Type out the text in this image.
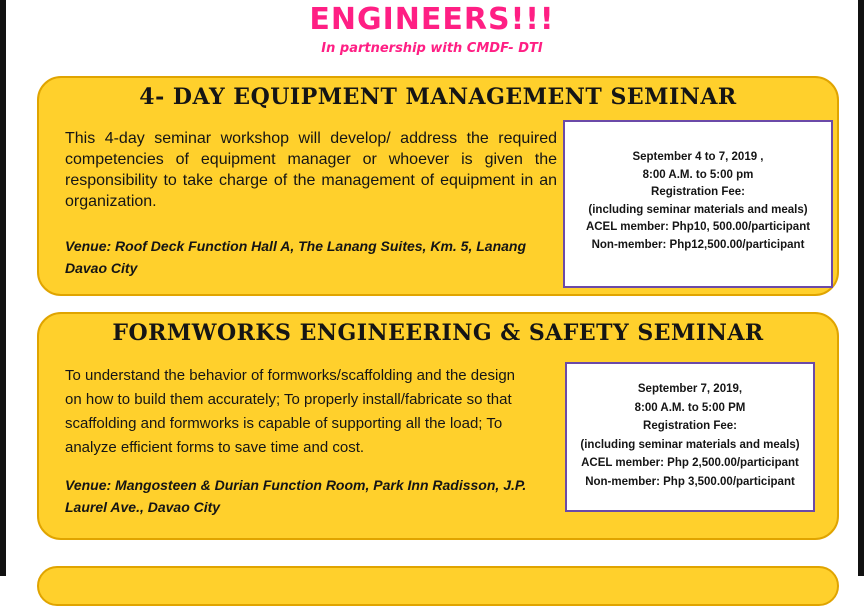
ENGINEERS!!!
In partnership with CMDF- DTI
4- DAY EQUIPMENT MANAGEMENT SEMINAR
This 4-day seminar workshop will develop/ address the required competencies of equipment manager or whoever is given the responsibility to take charge of the management of equipment in an organization.
Venue: Roof Deck Function Hall A, The Lanang Suites, Km. 5, Lanang Davao City
September 4 to 7, 2019 ,
8:00 A.M. to 5:00 pm
Registration Fee:
(including seminar materials and meals)
ACEL member: Php10, 500.00/participant
Non-member: Php12,500.00/participant
FORMWORKS ENGINEERING & SAFETY SEMINAR
To understand the behavior of formworks/scaffolding and the design on how to build them accurately; To properly install/fabricate so that scaffolding and formworks is capable of supporting all the load; To analyze efficient forms to save time and cost.
Venue: Mangosteen & Durian Function Room, Park Inn Radisson, J.P. Laurel Ave., Davao City
September 7, 2019,
8:00 A.M. to 5:00 PM
Registration Fee:
(including seminar materials and meals)
ACEL member: Php 2,500.00/participant
Non-member: Php 3,500.00/participant
